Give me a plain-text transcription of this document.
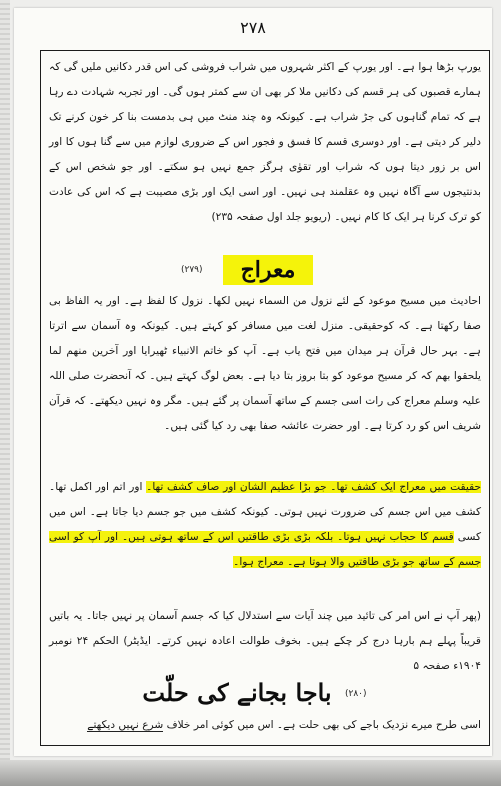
۲۷۸

یورپ بڑھا ہوا ہے۔ اور یورپ کے اکثر شہروں میں شراب فروشی کی اس قدر دکانیں ملیں گی کہ ہمارے قصبوں کی ہر قسم کی دکانیں ملا کر بھی ان سے کمتر ہوں گی۔ اور تجربہ شہادت دے رہا ہے کہ تمام گناہوں کی جڑ شراب ہے۔ کیونکہ وہ چند منٹ میں ہی بدمست بنا کر خون کرنے تک دلیر کر دیتی ہے۔ اور دوسری قسم کا فسق و فجور اس کے ضروری لوازم میں سے گنا ہوں کا اور اس بر زور دیتا ہوں کہ شراب اور تقوٰی ہرگز جمع نہیں ہو سکتے۔ اور جو شخص اس کے بدنتیجوں سے آگاہ نہیں وہ عقلمند ہی نہیں۔ اور اسی ایک اور بڑی مصیبت ہے کہ اس کی عادت کو ترک کرنا ہر ایک کا کام نہیں۔ (ریویو جلد اول صفحہ ۲۳۵)

(۲۷۹)	معراج

احادیث میں مسیح موعود کے لئے نزول من السماء نہیں لکھا۔ نزول کا لفظ ہے۔ اور یہ الفاظ بی صفا رکھتا ہے۔ کہ کوحقیقی۔ منزل لغت میں مسافر کو کہتے ہیں۔ کیونکہ وہ آسمان سے اترتا ہے۔ بہر حال قرآن ہر میدان میں فتح یاب ہے۔ آپ کو خاتم الانبیاء ٹھیرایا اور آخرین منھم لما یلحقوا بھم کہ کر مسیح موعود کو بتا بروز بتا دیا ہے۔ بعض لوگ کہتے ہیں۔ کہ آنحضرت صلی اللہ علیہ وسلم معراج کی رات اسی جسم کے ساتھ آسمان پر گئے ہیں۔ مگر وہ نہیں دیکھتے۔ کہ قرآن شریف اس کو رد کرتا ہے۔ اور حضرت عائشہ صفا بھی رد کیا گئی ہیں۔

حقیقت میں معراج ایک کشف تھا۔ جو بڑا عظیم الشان اور صاف کشف تھا۔ اور اتم اور اکمل تھا۔ کشف میں اس جسم کی ضرورت نہیں ہوتی۔ کیونکہ کشف میں جو جسم دیا جاتا ہے۔ اس میں کسی قسم کا حجاب نہیں ہوتا۔ بلکہ بڑی بڑی طاقتیں اس کے ساتھ ہوتی ہیں۔ اور آپ کو اسی جسم کے ساتھ جو بڑی طاقتیں والا ہوتا ہے۔ معراج ہوا۔

(پھر آپ نے اس امر کی تائید میں چند آیات سے استدلال کیا کہ جسم آسمان پر نہیں جاتا۔ یہ باتیں قریباً پہلے ہم بارہا درج کر چکے ہیں۔ بخوف طوالت اعادہ نہیں کرتے۔ ایڈیٹر) الحکم ۲۴ نومبر ۱۹۰۴ء صفحہ ۵

باجا بجانے کی حلّت	(۲۸۰)

اسی طرح میرے نزدیک باجے کی بھی حلت ہے۔ اس میں کوئی امر خلاف شرع نہیں دیکھتے
